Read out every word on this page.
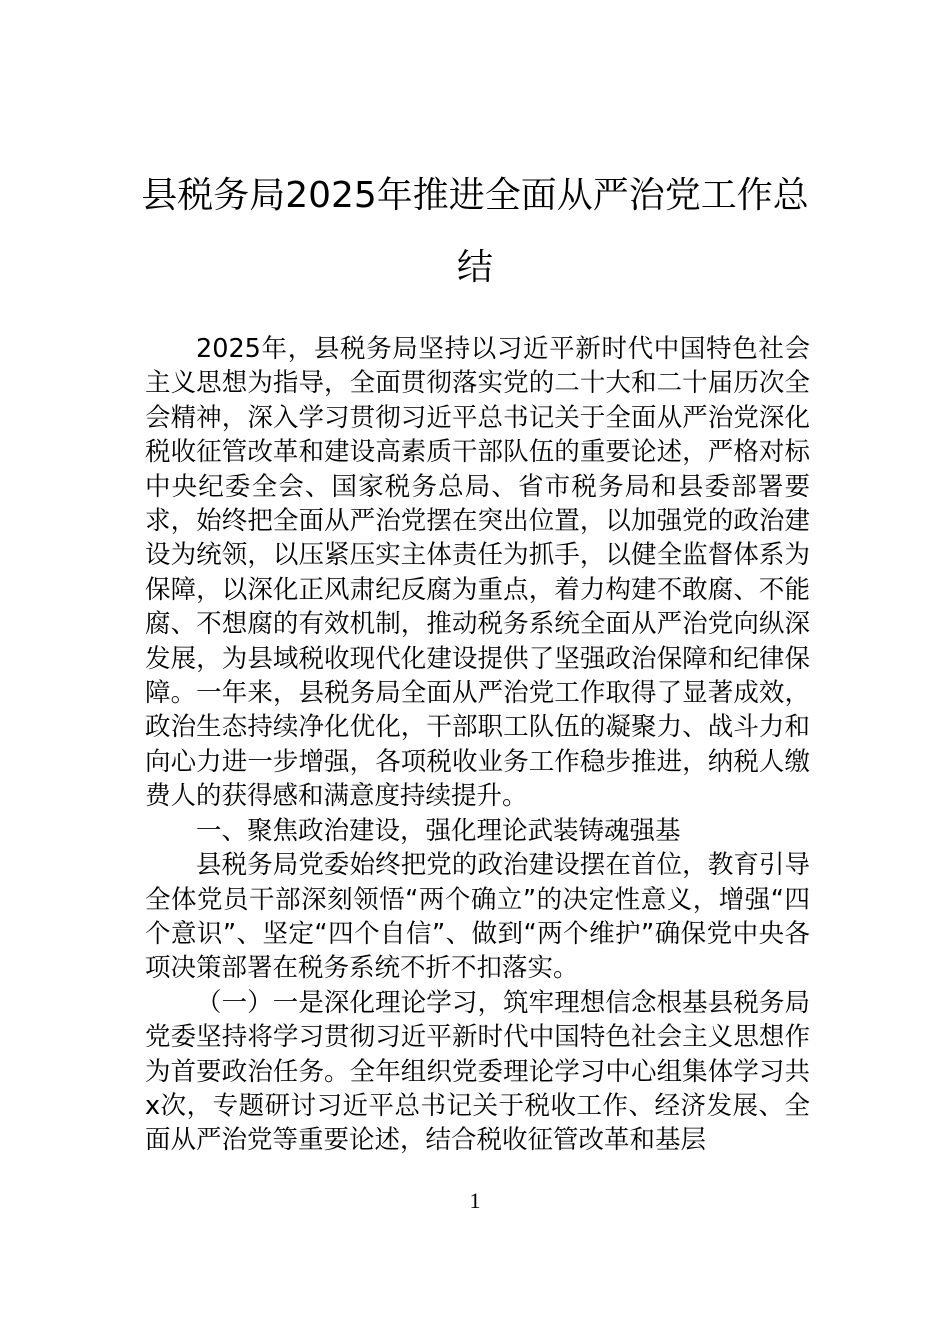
县税务局2025年推进全面从严治党工作总结

2025年，县税务局坚持以习近平新时代中国特色社会主义思想为指导，全面贯彻落实党的二十大和二十届历次全会精神，深入学习贯彻习近平总书记关于全面从严治党深化税收征管改革和建设高素质干部队伍的重要论述，严格对标中央纪委全会、国家税务总局、省市税务局和县委部署要求，始终把全面从严治党摆在突出位置，以加强党的政治建设为统领，以压紧压实主体责任为抓手，以健全监督体系为保障，以深化正风肃纪反腐为重点，着力构建不敢腐、不能腐、不想腐的有效机制，推动税务系统全面从严治党向纵深发展，为县域税收现代化建设提供了坚强政治保障和纪律保障。一年来，县税务局全面从严治党工作取得了显著成效，政治生态持续净化优化，干部职工队伍的凝聚力、战斗力和向心力进一步增强，各项税收业务工作稳步推进，纳税人缴费人的获得感和满意度持续提升。

一、聚焦政治建设，强化理论武装铸魂强基

县税务局党委始终把党的政治建设摆在首位，教育引导全体党员干部深刻领悟“两个确立”的决定性意义，增强“四个意识”、坚定“四个自信”、做到“两个维护”确保党中央各项决策部署在税务系统不折不扣落实。

（一）一是深化理论学习，筑牢理想信念根基县税务局党委坚持将学习贯彻习近平新时代中国特色社会主义思想作为首要政治任务。全年组织党委理论学习中心组集体学习共x次，专题研讨习近平总书记关于税收工作、经济发展、全面从严治党等重要论述，结合税收征管改革和基层

1
